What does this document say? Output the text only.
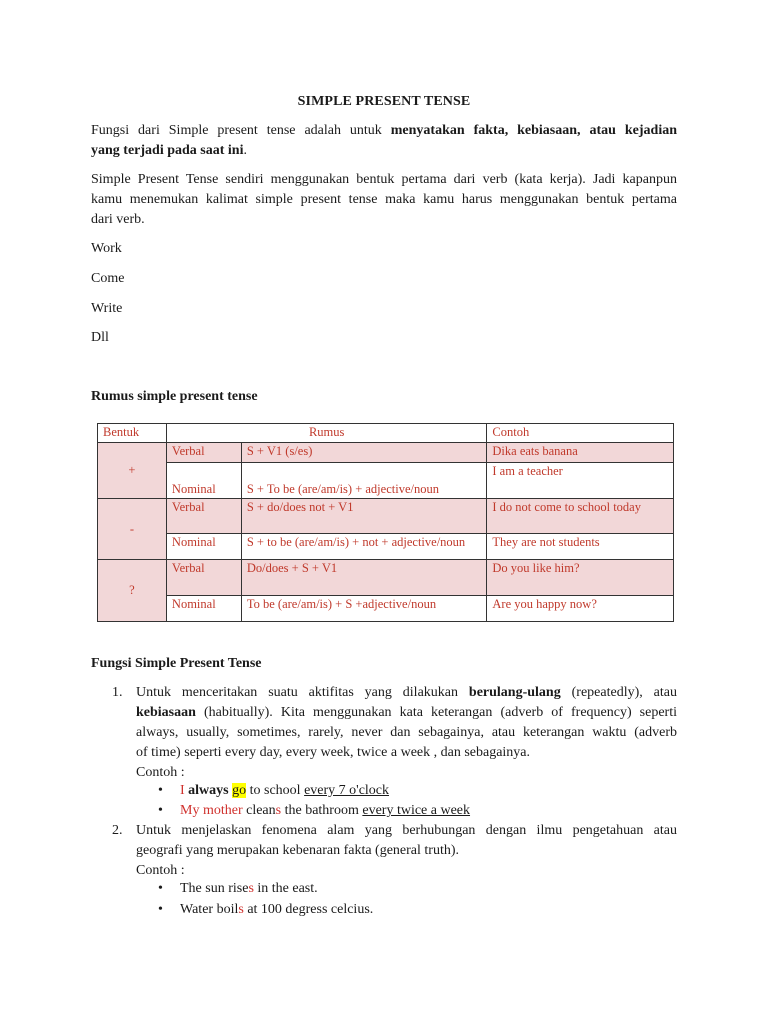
SIMPLE PRESENT TENSE
Fungsi dari Simple present tense adalah untuk menyatakan fakta, kebiasaan, atau kejadian
yang terjadi pada saat ini.
Simple Present Tense sendiri menggunakan bentuk pertama dari verb (kata kerja). Jadi kapanpun
kamu menemukan kalimat simple present tense maka kamu harus menggunakan bentuk pertama
dari verb.
Work
Come
Write
Dll
Rumus simple present tense
Bentuk	Rumus		Contoh
+	Verbal	S + V1 (s/es)	Dika eats banana
	Nominal	S + To be (are/am/is) + adjective/noun	I am a teacher
-	Verbal	S + do/does not + V1	I do not come to school today
	Nominal	S + to be (are/am/is) + not + adjective/noun	They are not students
?	Verbal	Do/does + S + V1	Do you like him?
	Nominal	To be (are/am/is) + S +adjective/noun	Are you happy now?
Fungsi Simple Present Tense
1. Untuk menceritakan suatu aktifitas yang dilakukan berulang-ulang (repeatedly), atau
kebiasaan (habitually). Kita menggunakan kata keterangan (adverb of frequency) seperti
always, usually, sometimes, rarely, never dan sebagainya, atau keterangan waktu (adverb
of time) seperti every day, every week, twice a week , dan sebagainya.
Contoh :
• I always go to school every 7 o'clock
• My mother cleans the bathroom every twice a week
2. Untuk menjelaskan fenomena alam yang berhubungan dengan ilmu pengetahuan atau
geografi yang merupakan kebenaran fakta (general truth).
Contoh :
• The sun rises in the east.
• Water boils at 100 degress celcius.
